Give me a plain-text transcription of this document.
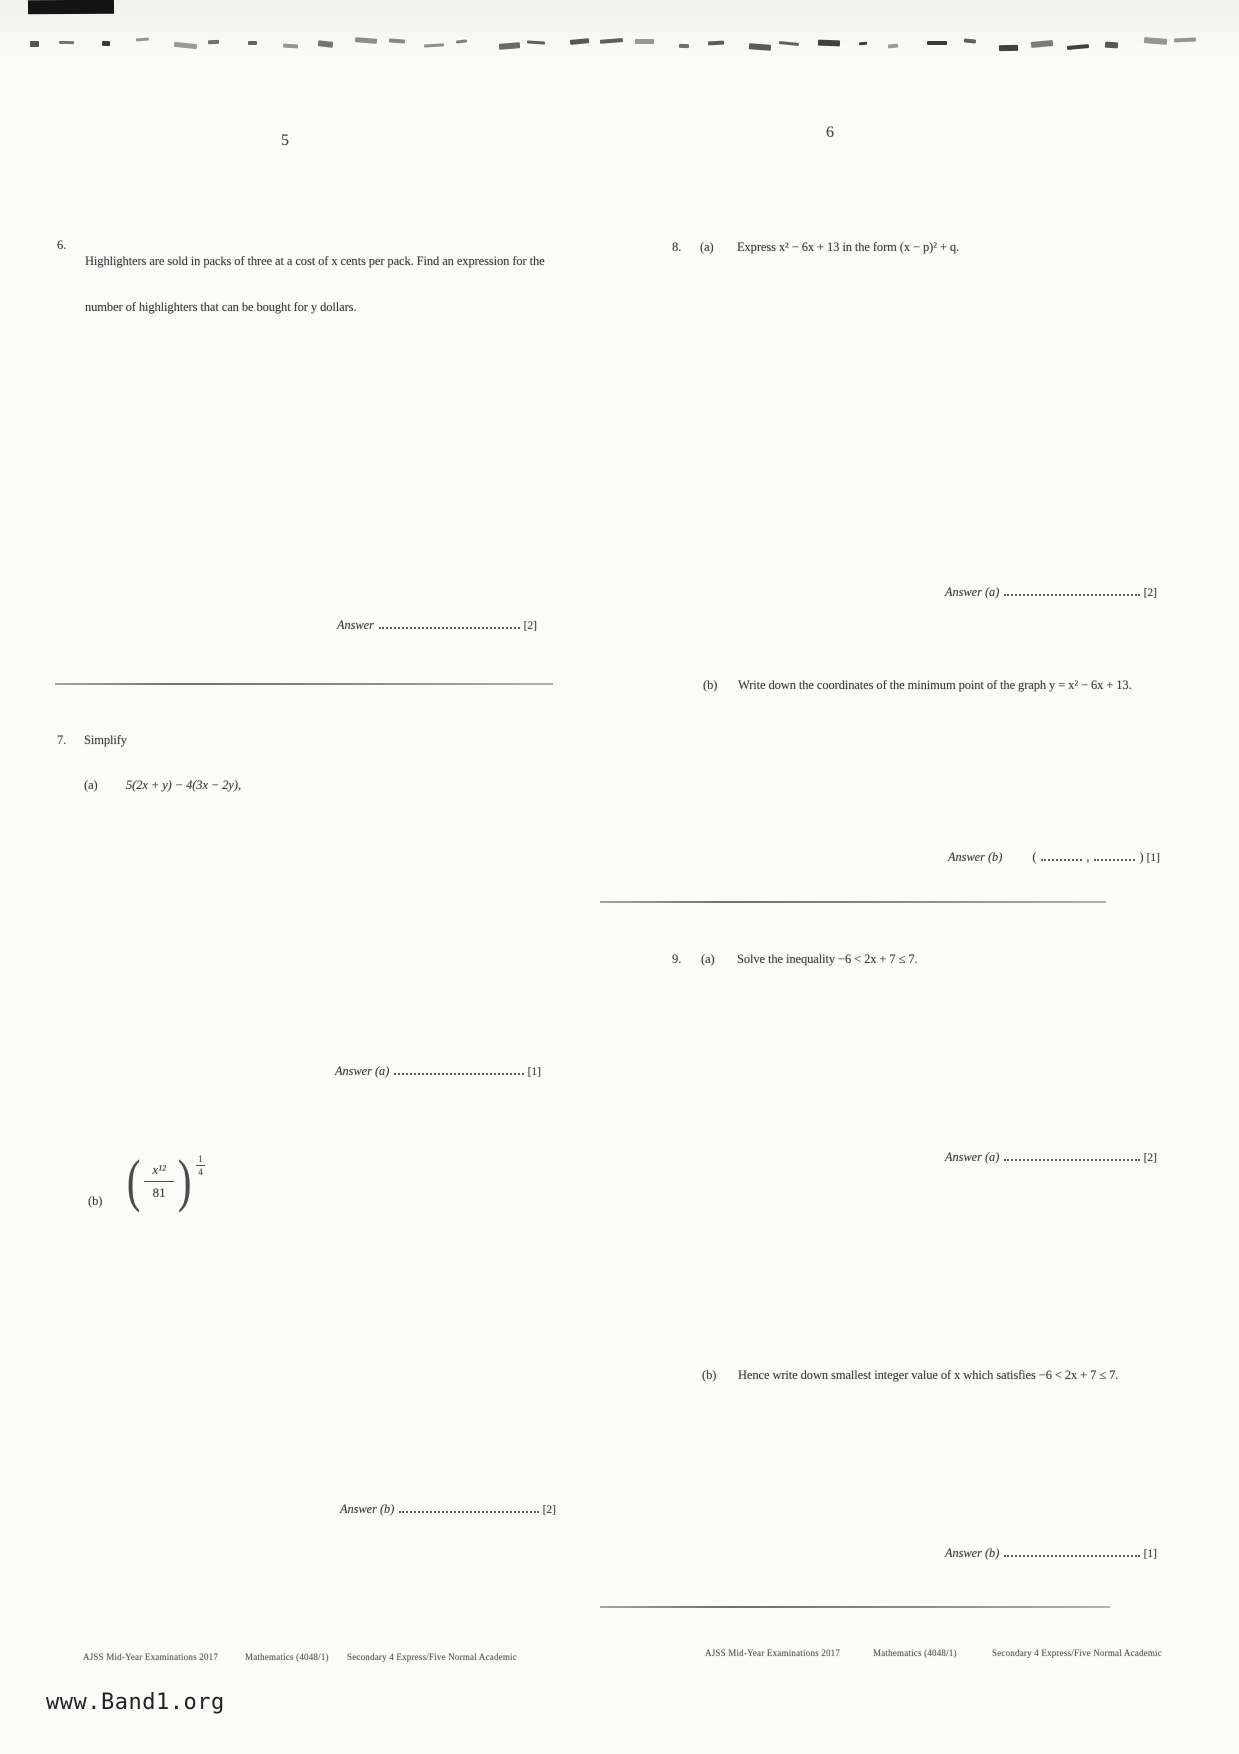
5
6.
Highlighters are sold in packs of three at a cost of x cents per pack. Find an expression for the number of highlighters that can be bought for y dollars.
Answer	[2]
7. Simplify
(a) 5(2x + y) − 4(3x − 2y),
Answer (a)	[1]
(b) ( $\frac{\text{x¹²}}{81}$ ) $\frac{1}{4}$
Answer (b)	[2]
AJSS Mid-Year Examinations 2017	Mathematics (4048/1) Secondary 4 Express/Five Normal Academic
6
8. (a) Express x² − 6x + 13 in the form (x − p)² + q.
Answer (a)	[2]
(b) Write down the coordinates of the minimum point of the graph y = x² − 6x + 13.
Answer (b) (	,	) [1]
9. (a) Solve the inequality −6 < 2x + 7 ≤ 7.
Answer (a)	[2]
(b) Hence write down smallest integer value of x which satisfies −6 < 2x + 7 ≤ 7.
Answer (b)	[1]
AJSS Mid-Year Examinations 2017	Mathematics (4048/1)	Secondary 4 Express/Five Normal Academic
www.Band1.org
